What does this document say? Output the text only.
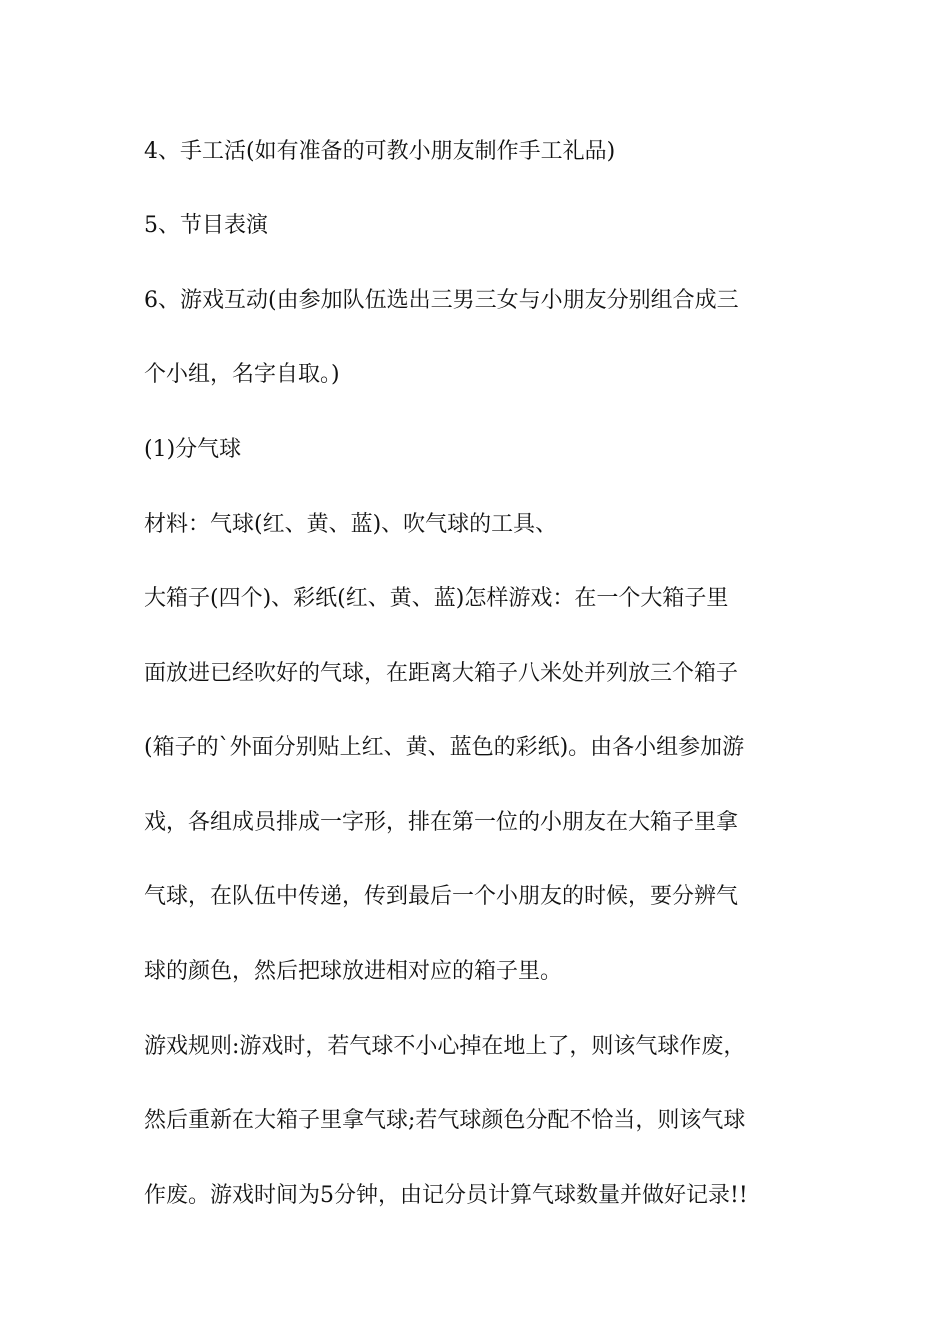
4、手工活(如有准备的可教小朋友制作手工礼品)

5、节目表演

6、游戏互动(由参加队伍选出三男三女与小朋友分别组合成三

个小组，名字自取。)

(1)分气球

材料：气球(红、黄、蓝)、吹气球的工具、

大箱子(四个)、彩纸(红、黄、蓝)怎样游戏：在一个大箱子里

面放进已经吹好的气球，在距离大箱子八米处并列放三个箱子

(箱子的`外面分别贴上红、黄、蓝色的彩纸)。由各小组参加游

戏，各组成员排成一字形，排在第一位的小朋友在大箱子里拿

气球，在队伍中传递，传到最后一个小朋友的时候，要分辨气

球的颜色，然后把球放进相对应的箱子里。

游戏规则:游戏时，若气球不小心掉在地上了，则该气球作废，

然后重新在大箱子里拿气球;若气球颜色分配不恰当，则该气球

作废。游戏时间为5分钟，由记分员计算气球数量并做好记录!!
